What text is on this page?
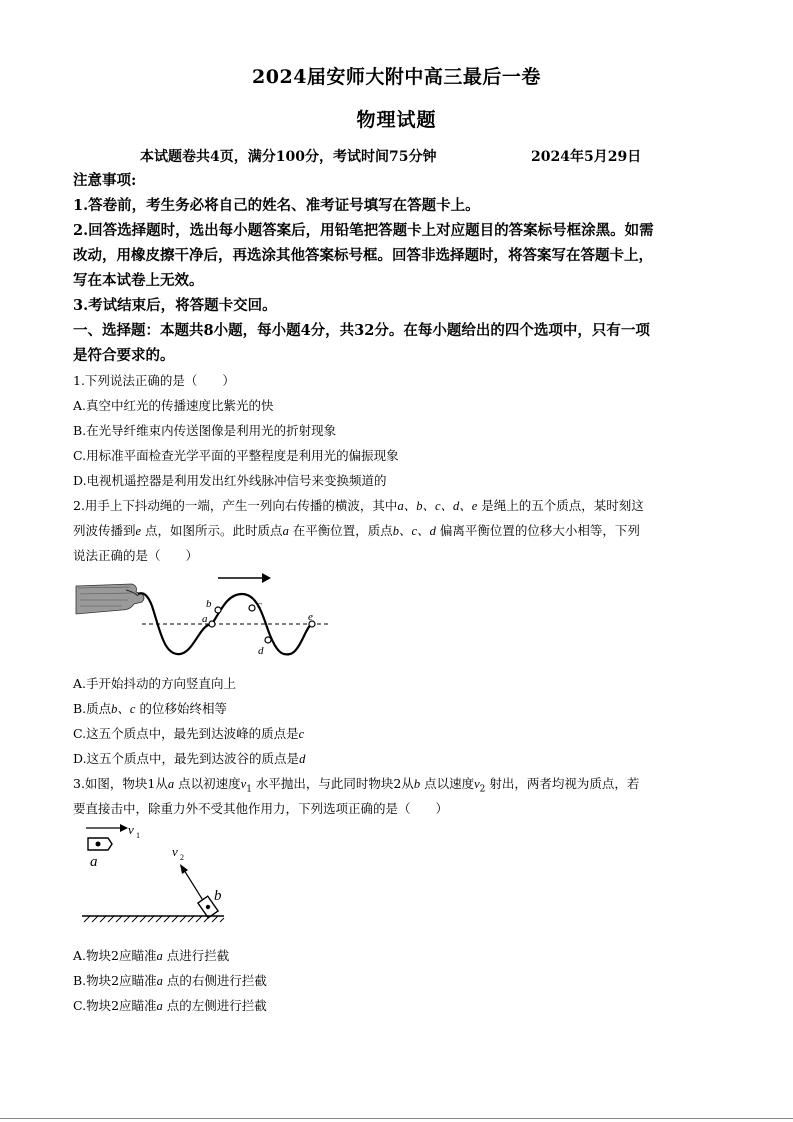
2024届安师大附中高三最后一卷
物理试题
本试题卷共4页，满分100分，考试时间75分钟	2024年5月29日
注意事项:
1.答卷前，考生务必将自己的姓名、准考证号填写在答题卡上。
2.回答选择题时，选出每小题答案后，用铅笔把答题卡上对应题目的答案标号框涂黑。如需
改动，用橡皮擦干净后，再选涂其他答案标号框。回答非选择题时，将答案写在答题卡上，
写在本试卷上无效。
3.考试结束后，将答题卡交回。
一、选择题：本题共8小题，每小题4分，共32分。在每小题给出的四个选项中，只有一项
是符合要求的。
1.下列说法正确的是（　　）
A.真空中红光的传播速度比紫光的快
B.在光导纤维束内传送图像是利用光的折射现象
C.用标准平面检查光学平面的平整程度是利用光的偏振现象
D.电视机遥控器是利用发出红外线脉冲信号来变换频道的
2.用手上下抖动绳的一端，产生一列向右传播的横波，其中a、b、c、d、e 是绳上的五个质点，某时刻这
列波传播到e 点，如图所示。此时质点a 在平衡位置，质点b、c、d 偏离平衡位置的位移大小相等，下列
说法正确的是（　　）
a
b	c
d
e
A.手开始抖动的方向竖直向上
B.质点b、c 的位移始终相等
C.这五个质点中，最先到达波峰的质点是c
D.这五个质点中，最先到达波谷的质点是d
3.如图，物块1从a 点以初速度$v_1$ 水平抛出，与此同时物块2从b 点以速度$v_2$ 射出，两者均视为质点，若
要直接击中，除重力外不受其他作用力，下列选项正确的是（　　）
v 1
a
v 2
b
A.物块2应瞄准a 点进行拦截
B.物块2应瞄准a 点的右侧进行拦截
C.物块2应瞄准a 点的左侧进行拦截
